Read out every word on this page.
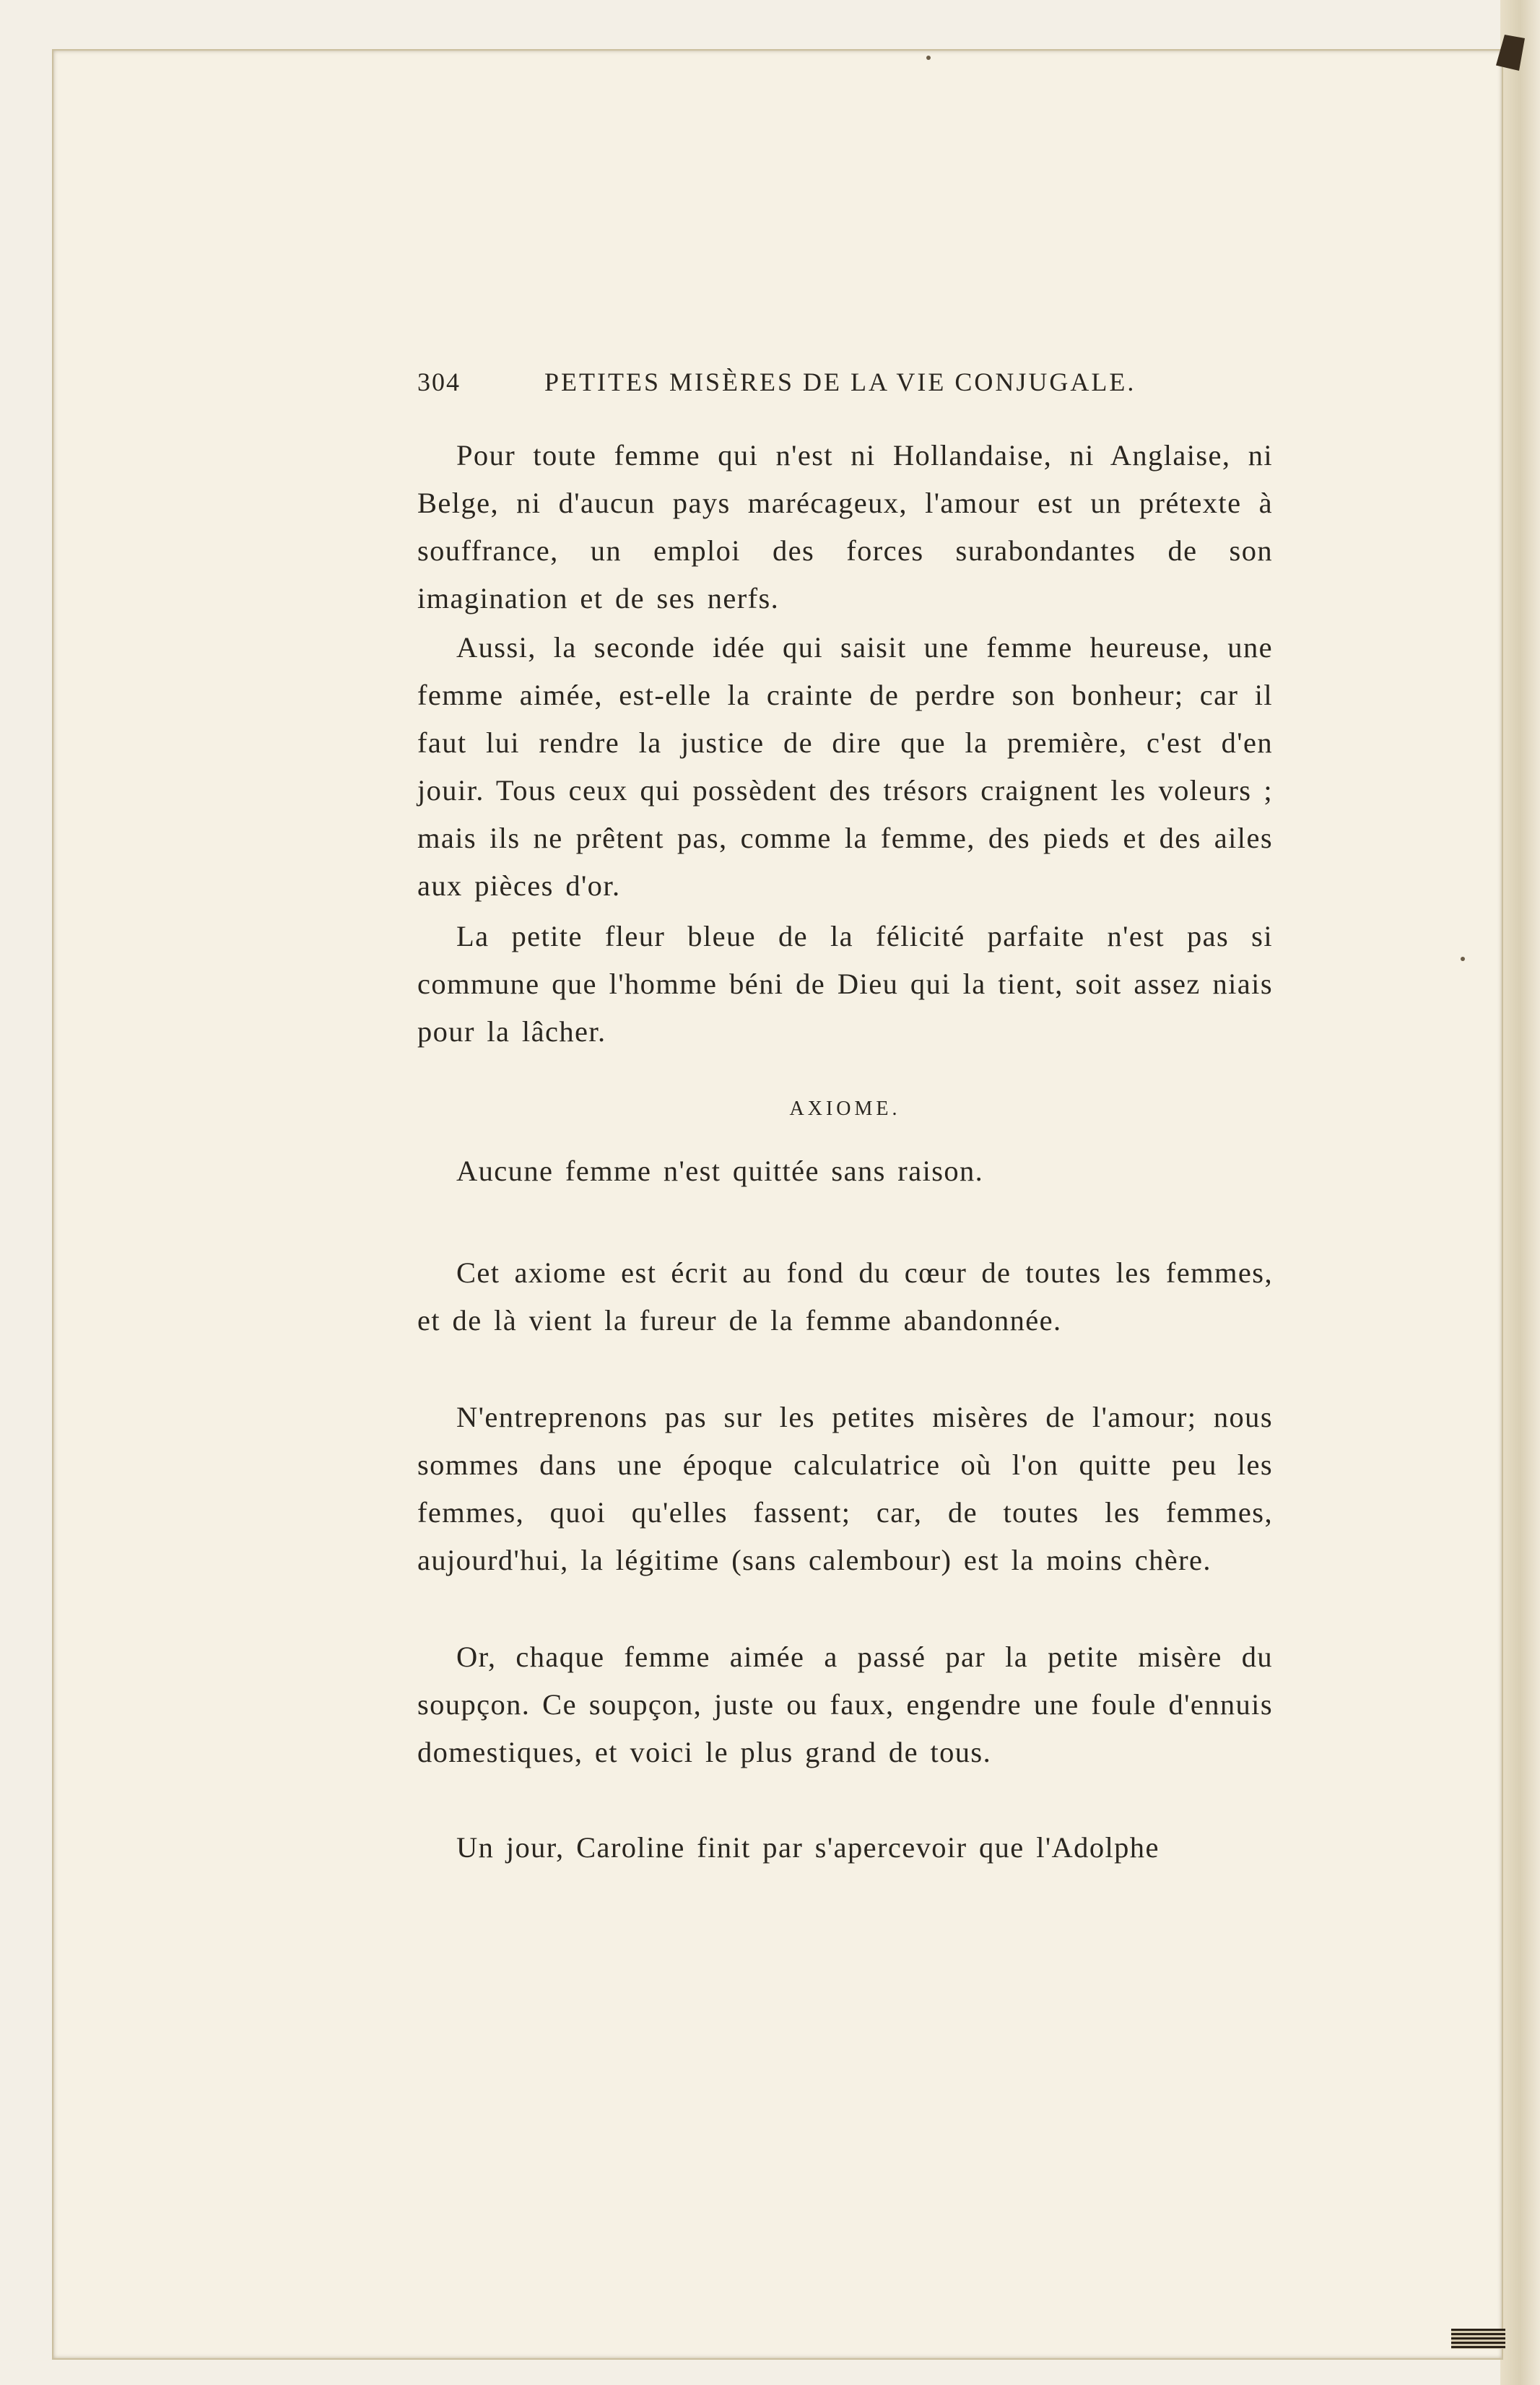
304	PETITES MISÈRES DE LA VIE CONJUGALE.

Pour toute femme qui n'est ni Hollandaise, ni Anglaise, ni Belge, ni d'aucun pays marécageux, l'amour est un prétexte à souffrance, un emploi des forces surabondantes de son imagination et de ses nerfs.

Aussi, la seconde idée qui saisit une femme heureuse, une femme aimée, est-elle la crainte de perdre son bonheur; car il faut lui rendre la justice de dire que la première, c'est d'en jouir. Tous ceux qui possèdent des trésors craignent les voleurs ; mais ils ne prêtent pas, comme la femme, des pieds et des ailes aux pièces d'or.

La petite fleur bleue de la félicité parfaite n'est pas si commune que l'homme béni de Dieu qui la tient, soit assez niais pour la lâcher.

AXIOME.
Aucune femme n'est quittée sans raison.

Cet axiome est écrit au fond du cœur de toutes les femmes, et de là vient la fureur de la femme abandonnée.

N'entreprenons pas sur les petites misères de l'amour; nous sommes dans une époque calculatrice où l'on quitte peu les femmes, quoi qu'elles fassent; car, de toutes les femmes, aujourd'hui, la légitime (sans calembour) est la moins chère.

Or, chaque femme aimée a passé par la petite misère du soupçon. Ce soupçon, juste ou faux, engendre une foule d'ennuis domestiques, et voici le plus grand de tous.

Un jour, Caroline finit par s'apercevoir que l'Adolphe
